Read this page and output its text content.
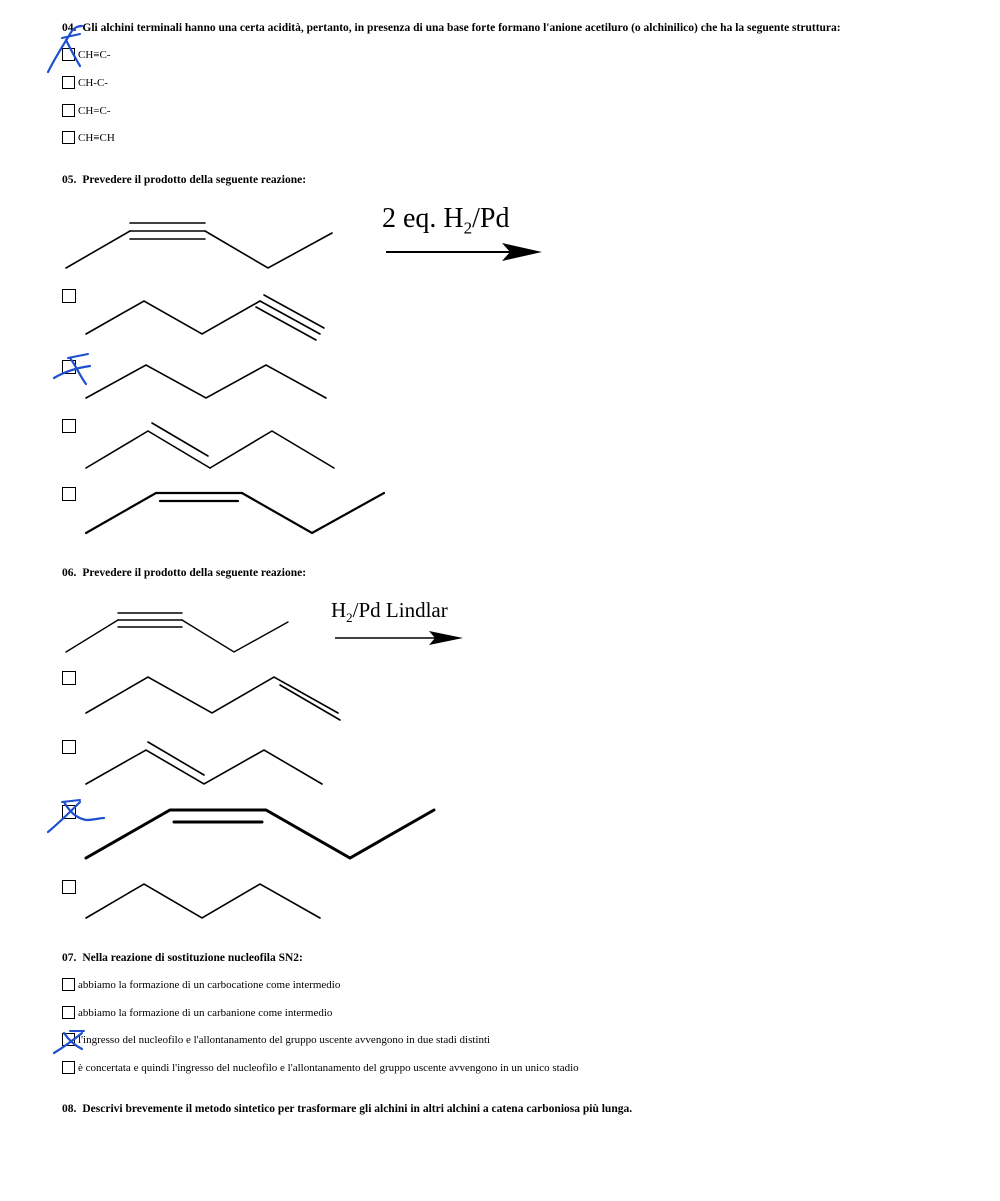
04. Gli alchini terminali hanno una certa acidità, pertanto, in presenza di una base forte formano l'anione acetiluro (o alchinilico) che ha la seguente struttura:
CH≡C-
CH-C-
CH=C-
CH≡CH
05. Prevedere il prodotto della seguente reazione:
2 eq. $H_2/Pd$
06. Prevedere il prodotto della seguente reazione:
$H_2/Pd$ Lindlar
07. Nella reazione di sostituzione nucleofila SN2:
abbiamo la formazione di un carbocatione come intermedio
abbiamo la formazione di un carbanione come intermedio
l'ingresso del nucleofilo e l'allontanamento del gruppo uscente avvengono in due stadi distinti
è concertata e quindi l'ingresso del nucleofilo e l'allontanamento del gruppo uscente avvengono in un unico stadio
08. Descrivi brevemente il metodo sintetico per trasformare gli alchini in altri alchini a catena carboniosa più lunga.
